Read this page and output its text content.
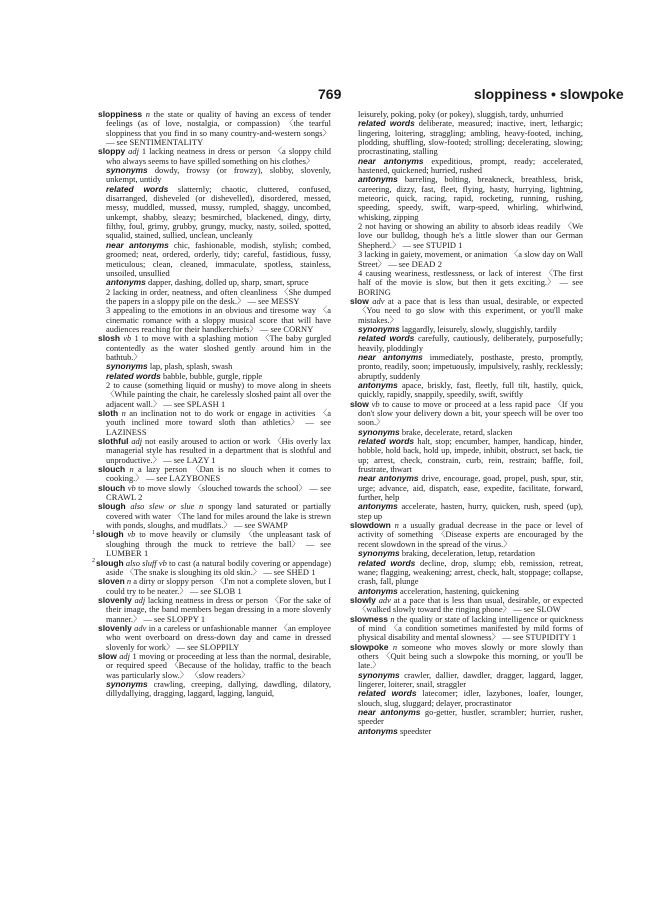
769	sloppiness • slowpoke

sloppiness n the state or quality of having an excess of tender feelings (as of love, nostalgia, or compassion) 〈the tearful sloppiness that you find in so many country-and-western songs〉 — see SENTIMENTALITY

sloppy adj 1 lacking neatness in dress or person 〈a sloppy child who always seems to have spilled something on his clothes〉

synonyms dowdy, frowsy (or frowzy), slobby, slovenly, unkempt, untidy

related words slatternly; chaotic, cluttered, confused, disarranged, disheveled (or dishevelled), disordered, messed, messy, muddled, mussed, mussy, rumpled, shaggy, uncombed, unkempt, shabby, sleazy; besmirched, blackened, dingy, dirty, filthy, foul, grimy, grubby, grungy, mucky, nasty, soiled, spotted, squalid, stained, sullied, unclean, uncleanly

near antonyms chic, fashionable, modish, stylish; combed, groomed; neat, ordered, orderly, tidy; careful, fastidious, fussy, meticulous; clean, cleaned, immaculate, spotless, stainless, unsoiled, unsullied

antonyms dapper, dashing, dolled up, sharp, smart, spruce

2 lacking in order, neatness, and often cleanliness 〈She dumped the papers in a sloppy pile on the desk.〉 — see MESSY

3 appealing to the emotions in an obvious and tiresome way 〈a cinematic romance with a sloppy musical score that will have audiences reaching for their handkerchiefs〉 — see CORNY

slosh vb 1 to move with a splashing motion 〈The baby gurgled contentedly as the water sloshed gently around him in the bathtub.〉

synonyms lap, plash, splash, swash

related words babble, bubble, gurgle, ripple

2 to cause (something liquid or mushy) to move along in sheets 〈While painting the chair, he carelessly sloshed paint all over the adjacent wall.〉 — see SPLASH 1

sloth n an inclination not to do work or engage in activities 〈a youth inclined more toward sloth than athletics〉 — see LAZINESS

slothful adj not easily aroused to action or work 〈His overly lax managerial style has resulted in a department that is slothful and unproductive.〉 — see LAZY 1

slouch n a lazy person 〈Dan is no slouch when it comes to cooking.〉 — see LAZYBONES

slouch vb to move slowly 〈slouched towards the school〉 — see CRAWL 2

slough also slew or slue n spongy land saturated or partially covered with water 〈The land for miles around the lake is strewn with ponds, sloughs, and mudflats.〉 — see SWAMP

$^1$slough vb to move heavily or clumsily 〈the unpleasant task of sloughing through the muck to retrieve the ball〉 — see LUMBER 1

$^2$slough also sluff vb to cast (a natural bodily covering or appendage) aside 〈The snake is sloughing its old skin.〉 — see SHED 1

sloven n a dirty or sloppy person 〈I'm not a complete sloven, but I could try to be neater.〉 — see SLOB 1

slovenly adj lacking neatness in dress or person 〈For the sake of their image, the band members began dressing in a more slovenly manner.〉 — see SLOPPY 1

slovenly adv in a careless or unfashionable manner 〈an employee who went overboard on dress-down day and came in dressed slovenly for work〉 — see SLOPPILY

slow adj 1 moving or proceeding at less than the normal, desirable, or required speed 〈Because of the holiday, traffic to the beach was particularly slow.〉 〈slow readers〉

synonyms crawling, creeping, dallying, dawdling, dilatory, dillydallying, dragging, laggard, lagging, languid,

leisurely, poking, poky (or pokey), sluggish, tardy, unhurried

related words deliberate, measured; inactive, inert, lethargic; lingering, loitering, straggling; ambling, heavy-footed, inching, plodding, shuffling, slow-footed; strolling; decelerating, slowing; procrastinating, stalling

near antonyms expeditious, prompt, ready; accelerated, hastened, quickened; hurried, rushed

antonyms barreling, bolting, breakneck, breathless, brisk, careering, dizzy, fast, fleet, flying, hasty, hurrying, lightning, meteoric, quick, racing, rapid, rocketing, running, rushing, speeding, speedy, swift, warp-speed, whirling, whirlwind, whisking, zipping

2 not having or showing an ability to absorb ideas readily 〈We love our bulldog, though he's a little slower than our German Shepherd.〉 — see STUPID 1

3 lacking in gaiety, movement, or animation 〈a slow day on Wall Street〉 — see DEAD 2

4 causing weariness, restlessness, or lack of interest 〈The first half of the movie is slow, but then it gets exciting.〉 — see BORING

slow adv at a pace that is less than usual, desirable, or expected 〈You need to go slow with this experiment, or you'll make mistakes.〉

synonyms laggardly, leisurely, slowly, sluggishly, tardily

related words carefully, cautiously, deliberately, purposefully; heavily, ploddingly

near antonyms immediately, posthaste, presto, promptly, pronto, readily, soon; impetuously, impulsively, rashly, recklessly; abruptly, suddenly

antonyms apace, briskly, fast, fleetly, full tilt, hastily, quick, quickly, rapidly, snappily, speedily, swift, swiftly

slow vb to cause to move or proceed at a less rapid pace 〈If you don't slow your delivery down a bit, your speech will be over too soon.〉

synonyms brake, decelerate, retard, slacken

related words halt, stop; encumber, hamper, handicap, hinder, hobble, hold back, hold up, impede, inhibit, obstruct, set back, tie up; arrest, check, constrain, curb, rein, restrain; baffle, foil, frustrate, thwart

near antonyms drive, encourage, goad, propel, push, spur, stir, urge; advance, aid, dispatch, ease, expedite, facilitate, forward, further, help

antonyms accelerate, hasten, hurry, quicken, rush, speed (up), step up

slowdown n a usually gradual decrease in the pace or level of activity of something 〈Disease experts are encouraged by the recent slowdown in the spread of the virus.〉

synonyms braking, deceleration, letup, retardation

related words decline, drop, slump; ebb, remission, retreat, wane; flagging, weakening; arrest, check, halt, stoppage; collapse, crash, fall, plunge

antonyms acceleration, hastening, quickening

slowly adv at a pace that is less than usual, desirable, or expected 〈walked slowly toward the ringing phone〉 — see SLOW

slowness n the quality or state of lacking intelligence or quickness of mind 〈a condition sometimes manifested by mild forms of physical disability and mental slowness〉 — see STUPIDITY 1

slowpoke n someone who moves slowly or more slowly than others 〈Quit being such a slowpoke this morning, or you'll be late.〉

synonyms crawler, dallier, dawdler, dragger, laggard, lagger, lingerer, loiterer, snail, straggler

related words latecomer; idler, lazybones, loafer, lounger, slouch, slug, sluggard; delayer, procrastinator

near antonyms go-getter, hustler, scrambler; hurrier, rusher, speeder

antonyms speedster
